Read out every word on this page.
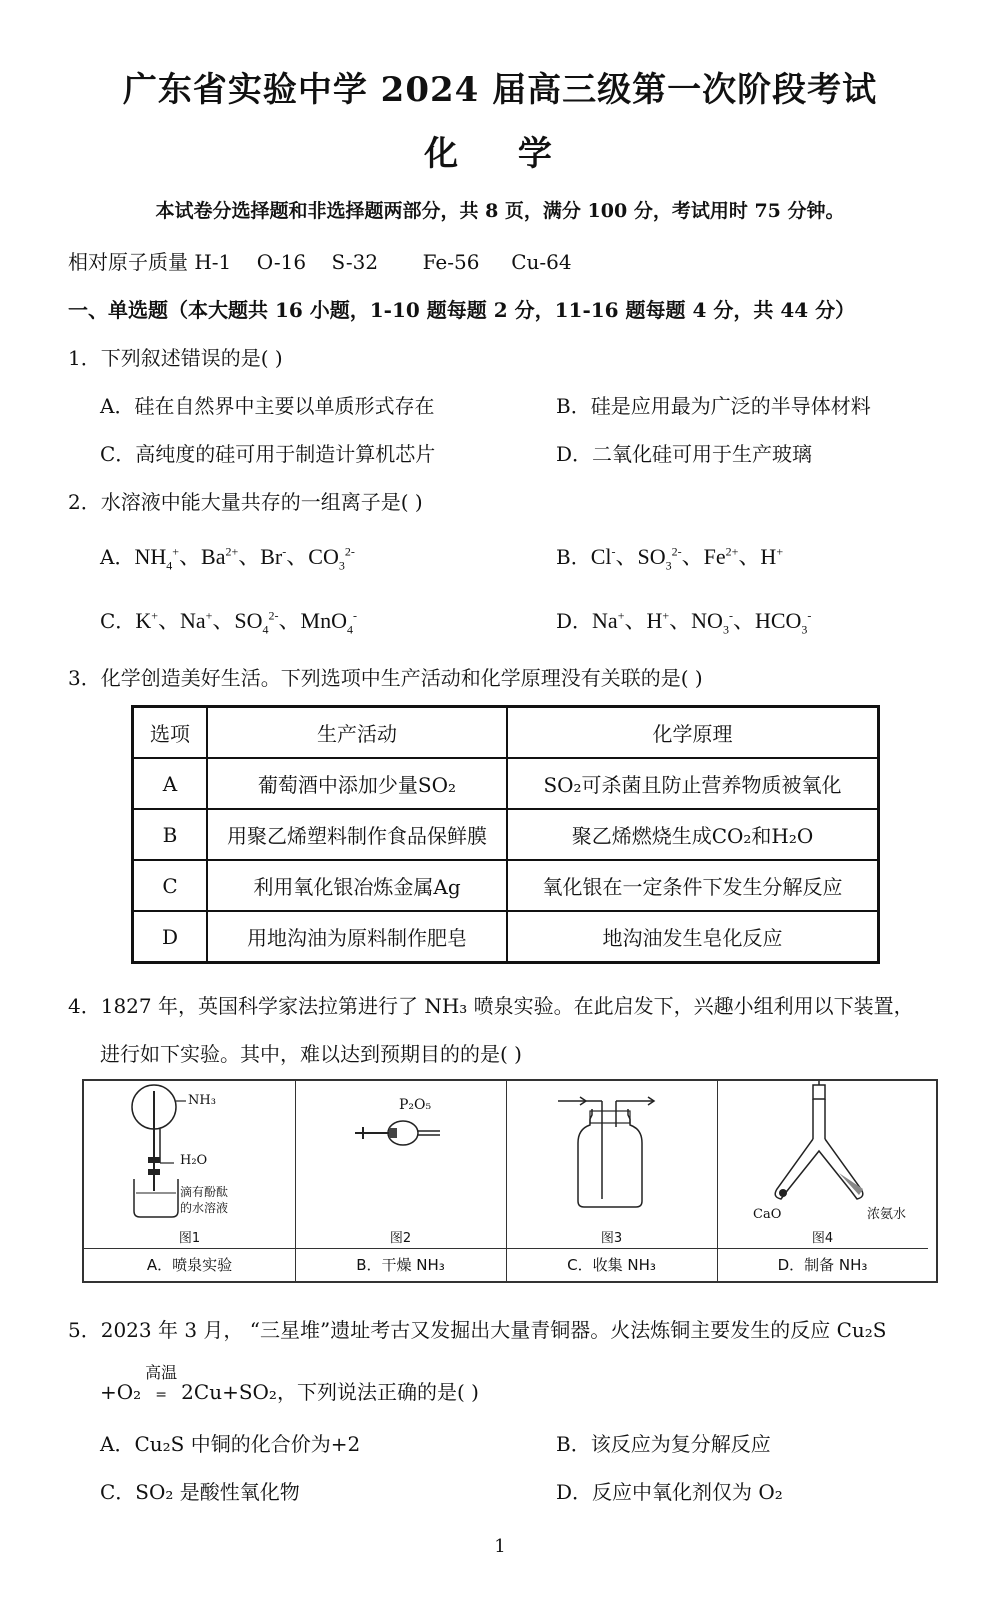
广东省实验中学 2024 届高三级第一次阶段考试
化 学
本试卷分选择题和非选择题两部分，共 8 页，满分 100 分，考试用时 75 分钟。
相对原子质量 H-1    O-16    S-32       Fe-56     Cu-64
一、单选题（本大题共 16 小题，1-10 题每题 2 分，11-16 题每题 4 分，共 44 分）
1．下列叙述错误的是( )
A．硅在自然界中主要以单质形式存在	B．硅是应用最为广泛的半导体材料
C．高纯度的硅可用于制造计算机芯片	D．二氧化硅可用于生产玻璃
2．水溶液中能大量共存的一组离子是( )
A．$NH_4^+$、$Ba^{2+}$、Br-、$CO_3^{2-}$	B．Cl-、$SO_3^{2-}$、$Fe^{2+}$、H+
C．K+、Na+、$SO_4^{2-}$、MnO$_4$-	D．Na+、H+、$NO_3^-$、$HCO_3^-$
3．化学创造美好生活。下列选项中生产活动和化学原理没有关联的是( )
选项	生产活动	化学原理
A	葡萄酒中添加少量SO₂	SO₂可杀菌且防止营养物质被氧化
B	用聚乙烯塑料制作食品保鲜膜	聚乙烯燃烧生成CO₂和H₂O
C	利用氧化银冶炼金属Ag	氧化银在一定条件下发生分解反应
D	用地沟油为原料制作肥皂	地沟油发生皂化反应
4．1827 年，英国科学家法拉第进行了 NH₃ 喷泉实验。在此启发下，兴趣小组利用以下装置，
进行如下实验。其中，难以达到预期目的的是( )
NH₃
H₂O
滴有酚酞
的水溶液
图1
A．喷泉实验
P₂O₅
图2
B．干燥 NH₃
图3
C．收集 NH₃
CaO	浓氨水
图4
D．制备 NH₃
5．2023 年 3 月， “三星堆”遗址考古又发掘出大量青铜器。火法炼铜主要发生的反应 Cu₂S
+O₂
高温
= 2Cu+SO₂，下列说法正确的是( )
A．Cu₂S 中铜的化合价为+2	B．该反应为复分解反应
C．SO₂ 是酸性氧化物	D．反应中氧化剂仅为 O₂
1
